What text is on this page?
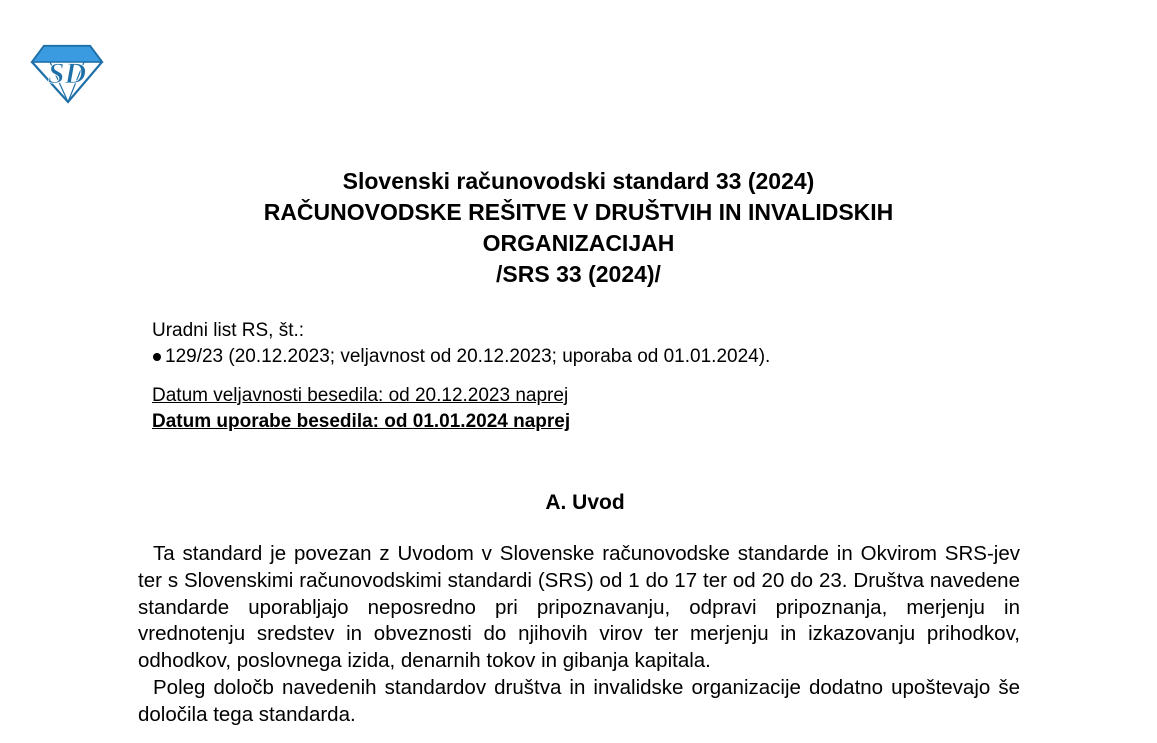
SD
Slovenski računovodski standard 33 (2024)
RAČUNOVODSKE REŠITVE V DRUŠTVIH IN INVALIDSKIH
ORGANIZACIJAH
/SRS 33 (2024)/
Uradni list RS, št.:
129/23 (20.12.2023; veljavnost od 20.12.2023; uporaba od 01.01.2024).
Datum veljavnosti besedila: od 20.12.2023 naprej
Datum uporabe besedila: od 01.01.2024 naprej
A. Uvod

Ta standard je povezan z Uvodom v Slovenske računovodske standarde in Okvirom SRS-jev ter s Slovenskimi računovodskimi standardi (SRS) od 1 do 17 ter od 20 do 23. Društva navedene standarde uporabljajo neposredno pri pripoznavanju, odpravi pripoznanja, merjenju in vrednotenju sredstev in obveznosti do njihovih virov ter merjenju in izkazovanju prihodkov, odhodkov, poslovnega izida, denarnih tokov in gibanja kapitala.

Poleg določb navedenih standardov društva in invalidske organizacije dodatno upoštevajo še določila tega standarda.
